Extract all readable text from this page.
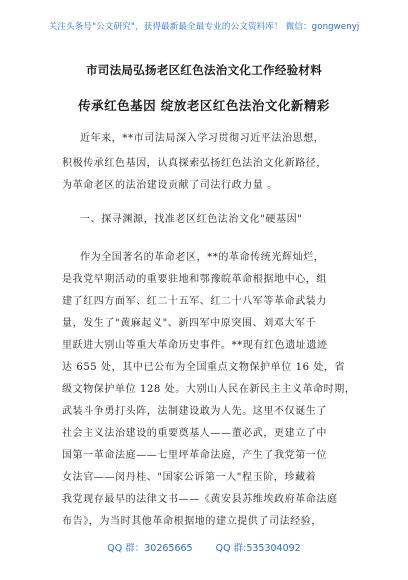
关注头条号"公文研究"，获得最新最全最专业的公文资料库！ 微信：gongwenyj
市司法局弘扬老区红色法治文化工作经验材料
传承红色基因 绽放老区红色法治文化新精彩
近年来，**市司法局深入学习贯彻习近平法治思想，
积极传承红色基因，认真探索弘扬红色法治文化新路径，
为革命老区的法治建设贡献了司法行政力量 。
一、探寻渊源，找准老区红色法治文化"硬基因"
作为全国著名的革命老区，**的革命传统光辉灿烂，
是我党早期活动的重要驻地和鄂豫皖革命根据地中心，组
建了红四方面军、红二十五军、红二十八军等革命武装力
量，发生了"黄麻起义"、新四军中原突围、刘邓大军千
里跃进大别山等重大革命历史事件。**现有红色遗址遗迹
达 655 处，其中已公布为全国重点文物保护单位 16 处，省
级文物保护单位 128 处。大别山人民在新民主主义革命时期，
武装斗争勇打头阵，法制建设敢为人先。这里不仅诞生了
社会主义法治建设的重要奠基人——董必武，更建立了中
国第一革命法庭——七里坪革命法庭，产生了我党第一位
女法官——闵丹桂、"国家公诉第一人"程玉阶，珍藏着
我党现存最早的法律文书——《黄安县苏维埃政府革命法庭
布告》，为当时其他革命根据地的建立提供了司法经验，
QQ 群：30265665 QQ 群:535304092
